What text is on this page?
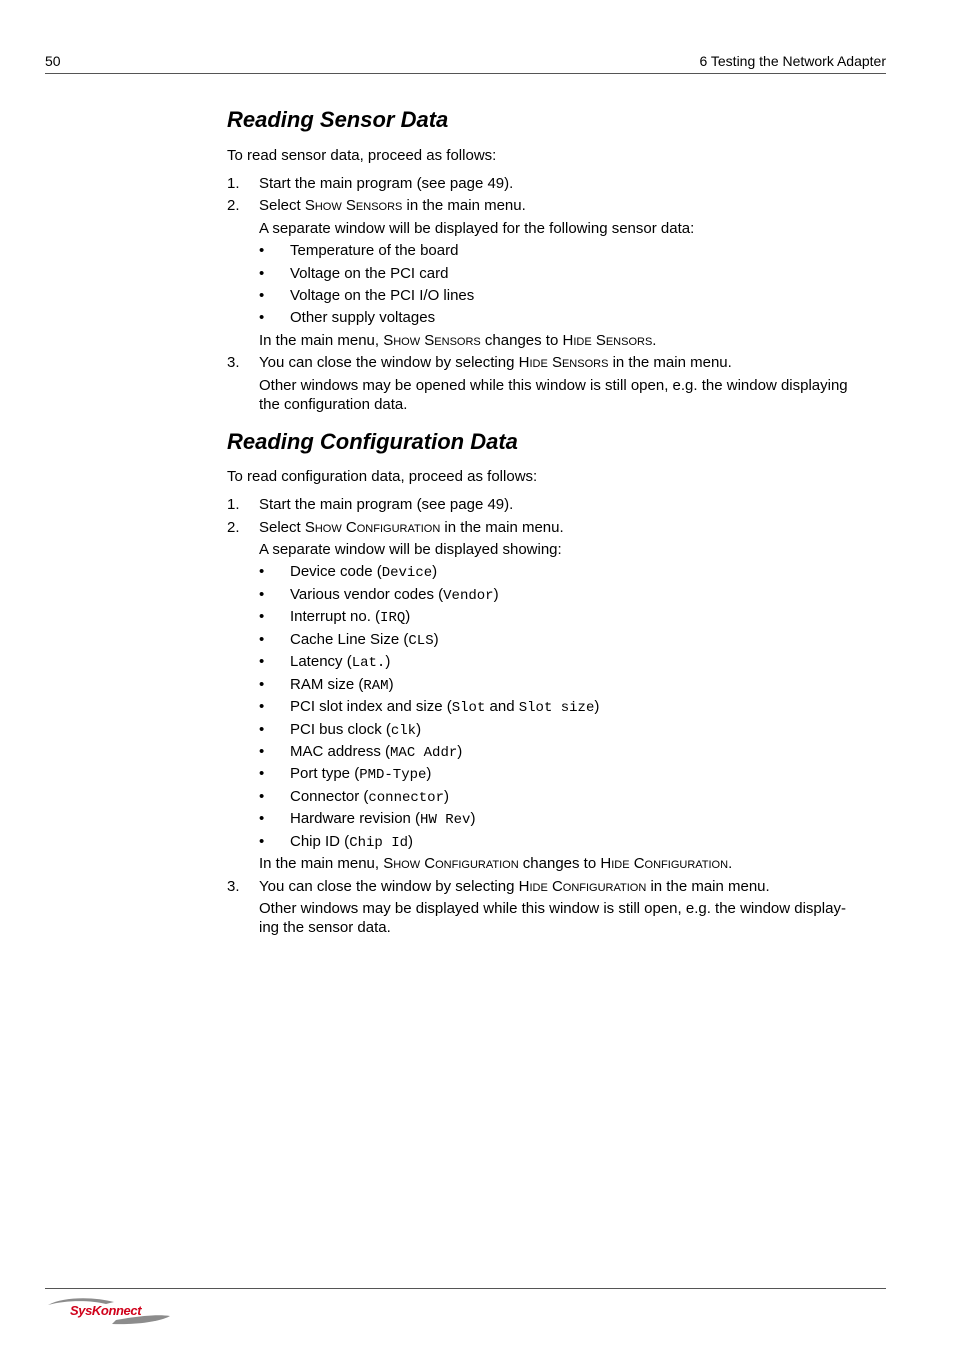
50	6 Testing the Network Adapter
Reading Sensor Data
To read sensor data, proceed as follows:
1. Start the main program (see page 49).
2. Select Show Sensors in the main menu.
A separate window will be displayed for the following sensor data:
• Temperature of the board
• Voltage on the PCI card
• Voltage on the PCI I/O lines
• Other supply voltages
In the main menu, Show Sensors changes to Hide Sensors.
3. You can close the window by selecting Hide Sensors in the main menu.
Other windows may be opened while this window is still open, e.g. the window displaying
the configuration data.
Reading Configuration Data
To read configuration data, proceed as follows:
1. Start the main program (see page 49).
2. Select Show Configuration in the main menu.
A separate window will be displayed showing:
• Device code (Device)
• Various vendor codes (Vendor)
• Interrupt no. (IRQ)
• Cache Line Size (CLS)
• Latency (Lat.)
• RAM size (RAM)
• PCI slot index and size (Slot and Slot size)
• PCI bus clock (clk)
• MAC address (MAC Addr)
• Port type (PMD-Type)
• Connector (connector)
• Hardware revision (HW Rev)
• Chip ID (Chip Id)
In the main menu, Show Configuration changes to Hide Configuration.
3. You can close the window by selecting Hide Configuration in the main menu.
Other windows may be displayed while this window is still open, e.g. the window display-
ing the sensor data.
SysKonnect
